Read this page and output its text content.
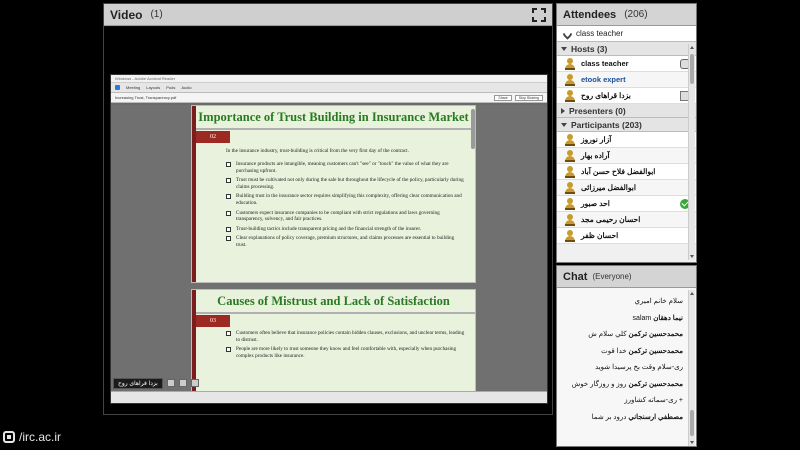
Video (1)
Windows - Adobe Acrobat Reader
Meeting Layouts Pods Audio
Increasing Trust, Transparency.pdf	Share	Stop Sharing
Importance of Trust Building in Insurance Market
02
In the insurance industry, trust-building is critical from the very first day of the contract.
Insurance products are intangible, meaning customers can't "see" or "touch" the value of what they are purchasing upfront.
Trust must be cultivated not only during the sale but throughout the lifecycle of the policy, particularly during claims processing.
Building trust in the insurance sector requires simplifying this complexity, offering clear communication and education.
Customers expect insurance companies to be compliant with strict regulations and laws governing transparency, solvency, and fair practices.
Trust-building tactics include transparent pricing and the financial strength of the insurer.
Clear explanations of policy coverage, premium structures, and claims processes are essential to building trust.
Causes of Mistrust and Lack of Satisfaction
03
Customers often believe that insurance policies contain hidden clauses, exclusions, and unclear terms, leading to distrust.
People are more likely to trust someone they know and feel comfortable with, especially when purchasing complex products like insurance.
بزدا قراهای روح
/irc.ac.ir
Attendees (206)
class teacher
Hosts (3)
class teacher
etook expert
بزدا قراهای روح
Presenters (0)
Participants (203)
آزار نوروز
آراده بهار
ابوالفضل فلاح حسن آباد
ابوالفضل میرزائی
احد صبور
احسان رحیمی مجد
احسان ظفر
Chat (Everyone)
سلام خانم اميري
نيما دهقان salam
محمدحسين ترکمن کلي سلام ش
محمدحسين ترکمن خدا قوت
ری-سلام وقت بخ پرسیدا شوید
محمدحسين ترکمن روز و روزگار خوش
+ ری-سماته کشاورز
مصطفي ارسنجاني درود بر شما
